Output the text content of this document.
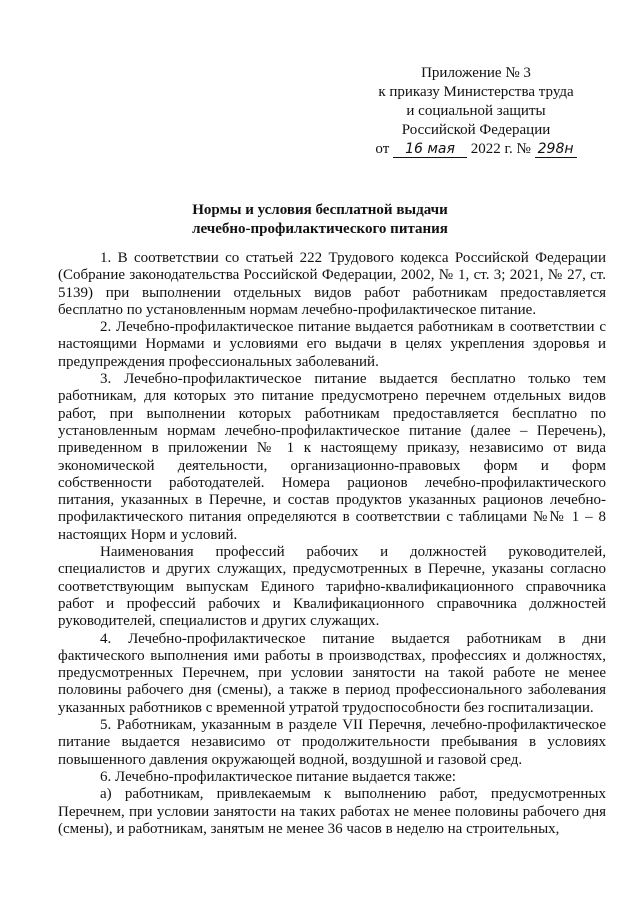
Приложение № 3
к приказу Министерства труда
и социальной защиты
Российской Федерации
от 16 мая 2022 г. № 298н
Нормы и условия бесплатной выдачи
лечебно-профилактического питания

1. В соответствии со статьей 222 Трудового кодекса Российской Федерации (Собрание законодательства Российской Федерации, 2002, № 1, ст. 3; 2021, № 27, ст. 5139) при выполнении отдельных видов работ работникам предоставляется бесплатно по установленным нормам лечебно-профилактическое питание.

2. Лечебно-профилактическое питание выдается работникам в соответствии с настоящими Нормами и условиями его выдачи в целях укрепления здоровья и предупреждения профессиональных заболеваний.

3. Лечебно-профилактическое питание выдается бесплатно только тем работникам, для которых это питание предусмотрено перечнем отдельных видов работ, при выполнении которых работникам предоставляется бесплатно по установленным нормам лечебно-профилактическое питание (далее – Перечень), приведенном в приложении № 1 к настоящему приказу, независимо от вида экономической деятельности, организационно-правовых форм и форм собственности работодателей. Номера рационов лечебно-профилактического питания, указанных в Перечне, и состав продуктов указанных рационов лечебно-профилактического питания определяются в соответствии с таблицами №№ 1 – 8 настоящих Норм и условий.

Наименования профессий рабочих и должностей руководителей, специалистов и других служащих, предусмотренных в Перечне, указаны согласно соответствующим выпускам Единого тарифно-квалификационного справочника работ и профессий рабочих и Квалификационного справочника должностей руководителей, специалистов и других служащих.

4. Лечебно-профилактическое питание выдается работникам в дни фактического выполнения ими работы в производствах, профессиях и должностях, предусмотренных Перечнем, при условии занятости на такой работе не менее половины рабочего дня (смены), а также в период профессионального заболевания указанных работников с временной утратой трудоспособности без госпитализации.

5. Работникам, указанным в разделе VII Перечня, лечебно-профилактическое питание выдается независимо от продолжительности пребывания в условиях повышенного давления окружающей водной, воздушной и газовой сред.

6. Лечебно-профилактическое питание выдается также:

а) работникам, привлекаемым к выполнению работ, предусмотренных Перечнем, при условии занятости на таких работах не менее половины рабочего дня (смены), и работникам, занятым не менее 36 часов в неделю на строительных,
